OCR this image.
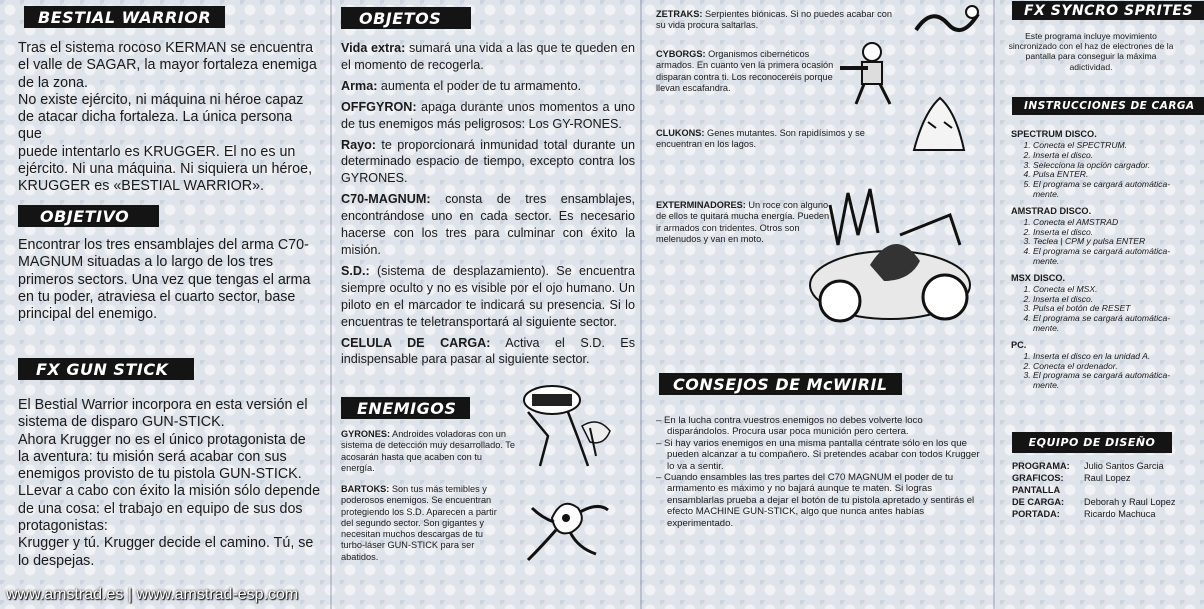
BESTIAL WARRIOR

Tras el sistema rocoso KERMAN se encuentra

el valle de SAGAR, la mayor fortaleza enemiga

de la zona.

No existe ejército, ni máquina ni héroe capaz

de atacar dicha fortaleza. La única persona que

puede intentarlo es KRUGGER. El no es un

ejército. Ni una máquina. Ni siquiera un héroe,

KRUGGER es «BESTIAL WARRIOR».

OBJETIVO

Encontrar los tres ensamblajes del arma C70-

MAGNUM situadas a lo largo de los tres

primeros sectors. Una vez que tengas el arma

en tu poder, atraviesa el cuarto sector, base

principal del enemigo.

FX GUN STICK

El Bestial Warrior incorpora en esta versión el

sistema de disparo GUN-STICK.

Ahora Krugger no es el único protagonista de

la aventura: tu misión será acabar con sus

enemigos provisto de tu pistola GUN-STICK.

LLevar a cabo con éxito la misión sólo depende

de una cosa: el trabajo en equipo de sus dos

protagonistas:

Krugger y tú. Krugger decide el camino. Tú, se

lo despejas.

OBJETOS

Vida extra: sumará una vida a las que te queden en el momento de recogerla.

Arma: aumenta el poder de tu armamento.

OFFGYRON: apaga durante unos momentos a uno de tus enemigos más peligrosos: Los GY-RONES.

Rayo: te proporcionará inmunidad total durante un determinado espacio de tiempo, excepto contra los GYRONES.

C70-MAGNUM: consta de tres ensamblajes, encontrándose uno en cada sector. Es necesario hacerse con los tres para culminar con éxito la misión.

S.D.: (sistema de desplazamiento). Se encuentra siempre oculto y no es visible por el ojo humano. Un piloto en el marcador te indicará su presencia. Si lo encuentras te teletransportará al siguiente sector.

CELULA DE CARGA: Activa el S.D. Es indispensable para pasar al siguiente sector.

ENEMIGOS

GYRONES: Androides voladoras con un sistema de detección muy desarrollado. Te acosarán hasta que acaben con tu energía.

BARTOKS: Son tus más temibles y poderosos enemigos. Se encuentran protegiendo los S.D. Aparecen a partir del segundo sector. Son gigantes y necesitan muchos descargas de tu turbo-láser GUN-STICK para ser abatidos.

ZETRAKS: Serpientes biónicas. Si no puedes acabar con su vida procura saltarlas.

CYBORGS: Organismos cibernéticos armados. En cuanto ven la primera ocasión disparan contra ti. Los reconoceréis porque llevan escafandra.

CLUKONS: Genes mutantes. Son rapidísimos y se encuentran en los lagos.

EXTERMINADORES: Un roce con alguno de ellos te quitará mucha energía. Pueden ir armados con tridentes. Otros son melenudos y van en moto.

CONSEJOS DE McWIRIL
– En la lucha contra vuestros enemigos no debes volverte loco disparándolos. Procura usar poca munición pero certera.
– Si hay varios enemigos en una misma pantalla céntrate sólo en los que pueden alcanzar a tu compañero. Si pretendes acabar con todos Krugger lo va a sentir.
– Cuando ensambles las tres partes del C70 MAGNUM el poder de tu armamento es máximo y no bajará aunque te maten. Si logras ensamblarlas prueba a dejar el botón de tu pistola apretado y sentirás el efecto MACHINE GUN-STICK, algo que nunca antes habías experimentado.
FX SYNCRO SPRITES
Este programa incluye movimiento sincronizado con el haz de electrones de la pantalla para conseguir la máxima adictividad.
INSTRUCCIONES DE CARGA
SPECTRUM DISCO.
1. Conecta el SPECTRUM.
2. Inserta el disco.
3. Selecciona la opción cargador.
4. Pulsa ENTER.
5. El programa se cargará automática-mente.
AMSTRAD DISCO.
1. Conecta el AMSTRAD
2. Inserta el disco.
3. Teclea | CPM y pulsa ENTER
4. El programa se cargará automática-mente.
MSX DISCO.
1. Conecta el MSX.
2. Inserta el disco.
3. Pulsa el botón de RESET
4. El programa se cargará automática-mente.
PC.
1. Inserta el disco en la unidad A.
2. Conecta el ordenador.
3. El programa se cargará automática-mente.
EQUIPO DE DISEÑO
PROGRAMA:	Julio Santos Garcia
GRAFICOS:	Raul Lopez
PANTALLA	
DE CARGA:	Deborah y Raul Lopez
PORTADA:	Ricardo Machuca
www.amstrad.es | www.amstrad-esp.com
